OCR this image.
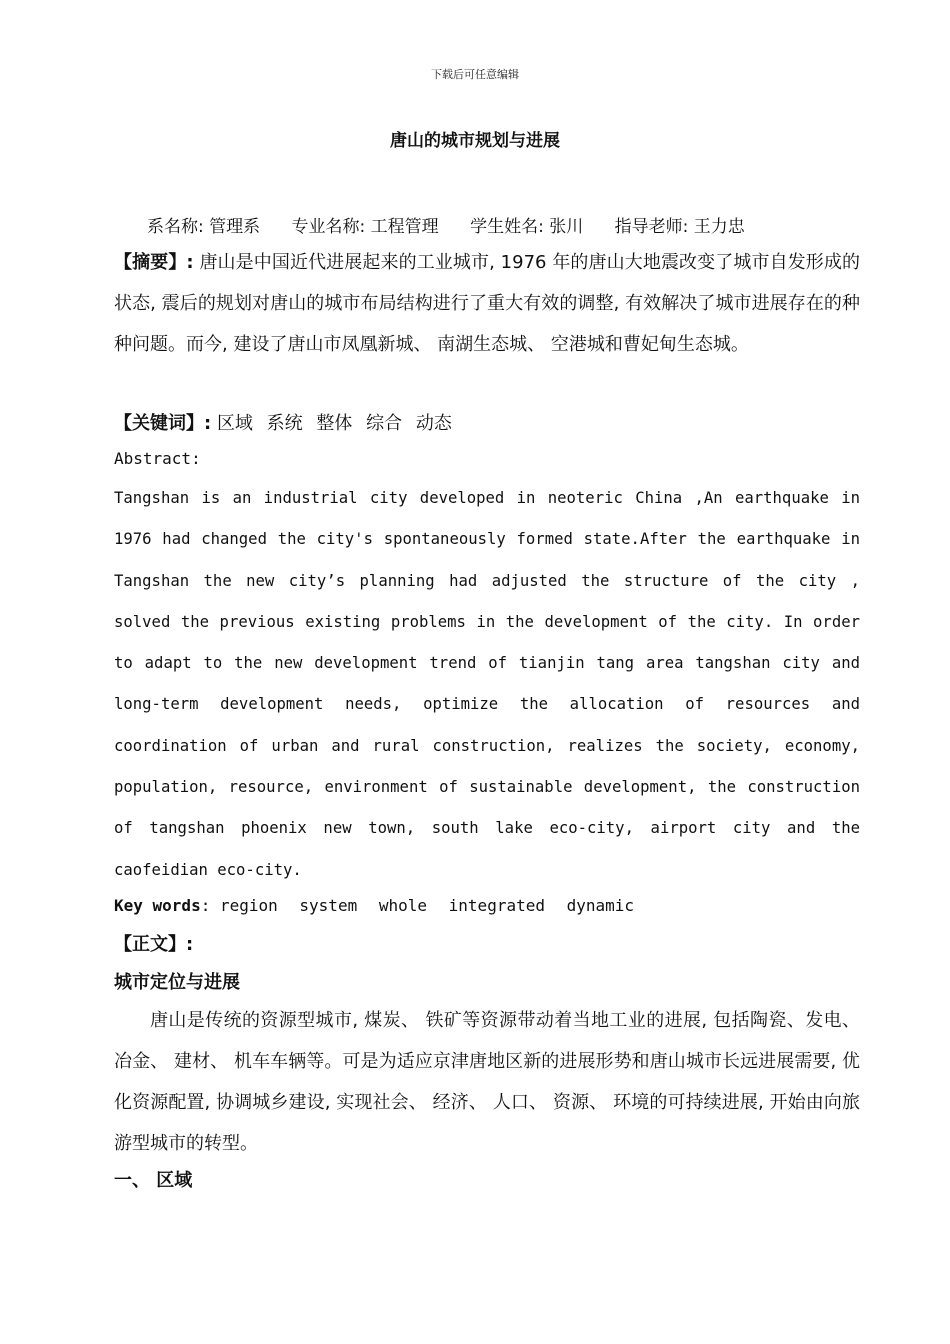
下载后可任意编辑
唐山的城市规划与进展
系名称: 管理系 专业名称: 工程管理 学生姓名: 张川 指导老师: 王力忠

【摘要】: 唐山是中国近代进展起来的工业城市, 1976 年的唐山大地震改变了城市自发形成的状态, 震后的规划对唐山的城市布局结构进行了重大有效的调整, 有效解决了城市进展存在的种种问题。而今, 建设了唐山市凤凰新城、 南湖生态城、 空港城和曹妃甸生态城。

【关键词】: 区域 系统 整体 综合 动态
Abstract:

Tangshan is an industrial city developed in neoteric China ,An earthquake in 1976 had changed the city's spontaneously formed state.After the earthquake in Tangshan the new city’s planning had adjusted the structure of the city , solved the previous existing problems in the development of the city. In order to adapt to the new development trend of tianjin tang area tangshan city and long-term development needs, optimize the allocation of resources and coordination of urban and rural construction, realizes the society, economy, population, resource, environment of sustainable development, the construction of tangshan phoenix new town, south lake eco-city, airport city and the caofeidian eco-city.

Key words: region system whole integrated dynamic
【正文】:
城市定位与进展

唐山是传统的资源型城市, 煤炭、 铁矿等资源带动着当地工业的进展, 包括陶瓷、发电、 冶金、 建材、 机车车辆等。可是为适应京津唐地区新的进展形势和唐山城市长远进展需要, 优化资源配置, 协调城乡建设, 实现社会、 经济、 人口、 资源、 环境的可持续进展, 开始由向旅游型城市的转型。

一、 区域
